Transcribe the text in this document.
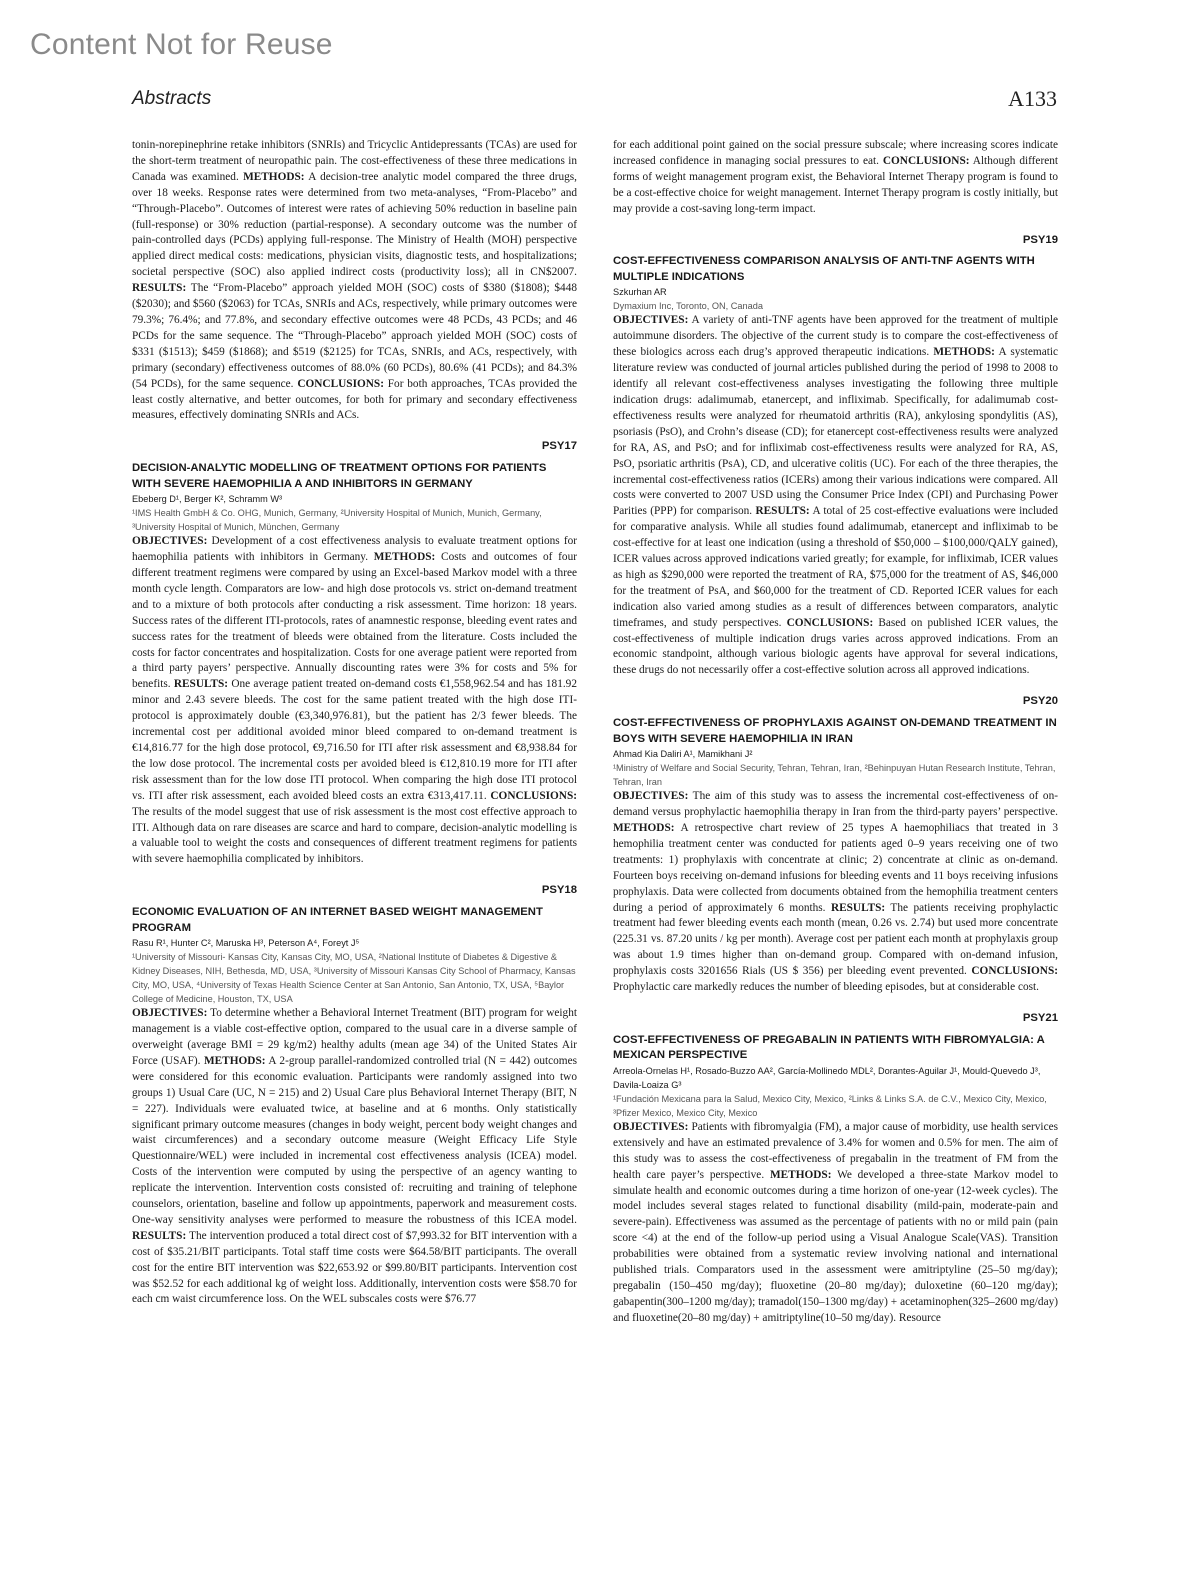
Content Not for Reuse
Abstracts	A133

tonin-norepinephrine retake inhibitors (SNRIs) and Tricyclic Antidepressants (TCAs) are used for the short-term treatment of neuropathic pain. The cost-effectiveness of these three medications in Canada was examined. METHODS: A decision-tree analytic model compared the three drugs, over 18 weeks. Response rates were determined from two meta-analyses, “From-Placebo” and “Through-Placebo”. Outcomes of interest were rates of achieving 50% reduction in baseline pain (full-response) or 30% reduction (partial-response). A secondary outcome was the number of pain-controlled days (PCDs) applying full-response. The Ministry of Health (MOH) perspective applied direct medical costs: medications, physician visits, diagnostic tests, and hospitalizations; societal perspective (SOC) also applied indirect costs (productivity loss); all in CN$2007. RESULTS: The “From-Placebo” approach yielded MOH (SOC) costs of $380 ($1808); $448 ($2030); and $560 ($2063) for TCAs, SNRIs and ACs, respectively, while primary outcomes were 79.3%; 76.4%; and 77.8%, and secondary effective outcomes were 48 PCDs, 43 PCDs; and 46 PCDs for the same sequence. The “Through-Placebo” approach yielded MOH (SOC) costs of $331 ($1513); $459 ($1868); and $519 ($2125) for TCAs, SNRIs, and ACs, respectively, with primary (secondary) effectiveness outcomes of 88.0% (60 PCDs), 80.6% (41 PCDs); and 84.3% (54 PCDs), for the same sequence. CONCLUSIONS: For both approaches, TCAs provided the least costly alternative, and better outcomes, for both for primary and secondary effectiveness measures, effectively dominating SNRIs and ACs.

PSY17

DECISION-ANALYTIC MODELLING OF TREATMENT OPTIONS FOR PATIENTS WITH SEVERE HAEMOPHILIA A AND INHIBITORS IN GERMANY

Ebeberg D¹, Berger K², Schramm W³

¹IMS Health GmbH & Co. OHG, Munich, Germany, ²University Hospital of Munich, Munich, Germany, ³University Hospital of Munich, München, Germany

OBJECTIVES: Development of a cost effectiveness analysis to evaluate treatment options for haemophilia patients with inhibitors in Germany. METHODS: Costs and outcomes of four different treatment regimens were compared by using an Excel-based Markov model with a three month cycle length. Comparators are low- and high dose protocols vs. strict on-demand treatment and to a mixture of both protocols after conducting a risk assessment. Time horizon: 18 years. Success rates of the different ITI-protocols, rates of anamnestic response, bleeding event rates and success rates for the treatment of bleeds were obtained from the literature. Costs included the costs for factor concentrates and hospitalization. Costs for one average patient were reported from a third party payers’ perspective. Annually discounting rates were 3% for costs and 5% for benefits. RESULTS: One average patient treated on-demand costs €1,558,962.54 and has 181.92 minor and 2.43 severe bleeds. The cost for the same patient treated with the high dose ITI-protocol is approximately double (€3,340,976.81), but the patient has 2/3 fewer bleeds. The incremental cost per additional avoided minor bleed compared to on-demand treatment is €14,816.77 for the high dose protocol, €9,716.50 for ITI after risk assessment and €8,938.84 for the low dose protocol. The incremental costs per avoided bleed is €12,810.19 more for ITI after risk assessment than for the low dose ITI protocol. When comparing the high dose ITI protocol vs. ITI after risk assessment, each avoided bleed costs an extra €313,417.11. CONCLUSIONS: The results of the model suggest that use of risk assessment is the most cost effective approach to ITI. Although data on rare diseases are scarce and hard to compare, decision-analytic modelling is a valuable tool to weight the costs and consequences of different treatment regimens for patients with severe haemophilia complicated by inhibitors.

PSY18

ECONOMIC EVALUATION OF AN INTERNET BASED WEIGHT MANAGEMENT PROGRAM

Rasu R¹, Hunter C², Maruska H³, Peterson A⁴, Foreyt J⁵

¹University of Missouri- Kansas City, Kansas City, MO, USA, ²National Institute of Diabetes & Digestive & Kidney Diseases, NIH, Bethesda, MD, USA, ³University of Missouri Kansas City School of Pharmacy, Kansas City, MO, USA, ⁴University of Texas Health Science Center at San Antonio, San Antonio, TX, USA, ⁵Baylor College of Medicine, Houston, TX, USA

OBJECTIVES: To determine whether a Behavioral Internet Treatment (BIT) program for weight management is a viable cost-effective option, compared to the usual care in a diverse sample of overweight (average BMI = 29 kg/m2) healthy adults (mean age 34) of the United States Air Force (USAF). METHODS: A 2-group parallel-randomized controlled trial (N = 442) outcomes were considered for this economic evaluation. Participants were randomly assigned into two groups 1) Usual Care (UC, N = 215) and 2) Usual Care plus Behavioral Internet Therapy (BIT, N = 227). Individuals were evaluated twice, at baseline and at 6 months. Only statistically significant primary outcome measures (changes in body weight, percent body weight changes and waist circumferences) and a secondary outcome measure (Weight Efficacy Life Style Questionnaire/WEL) were included in incremental cost effectiveness analysis (ICEA) model. Costs of the intervention were computed by using the perspective of an agency wanting to replicate the intervention. Intervention costs consisted of: recruiting and training of telephone counselors, orientation, baseline and follow up appointments, paperwork and measurement costs. One-way sensitivity analyses were performed to measure the robustness of this ICEA model. RESULTS: The intervention produced a total direct cost of $7,993.32 for BIT intervention with a cost of $35.21/BIT participants. Total staff time costs were $64.58/BIT participants. The overall cost for the entire BIT intervention was $22,653.92 or $99.80/BIT participants. Intervention cost was $52.52 for each additional kg of weight loss. Additionally, intervention costs were $58.70 for each cm waist circumference loss. On the WEL subscales costs were $76.77

for each additional point gained on the social pressure subscale; where increasing scores indicate increased confidence in managing social pressures to eat. CONCLUSIONS: Although different forms of weight management program exist, the Behavioral Internet Therapy program is found to be a cost-effective choice for weight management. Internet Therapy program is costly initially, but may provide a cost-saving long-term impact.

PSY19

COST-EFFECTIVENESS COMPARISON ANALYSIS OF ANTI-TNF AGENTS WITH MULTIPLE INDICATIONS

Szkurhan AR

Dymaxium Inc, Toronto, ON, Canada

OBJECTIVES: A variety of anti-TNF agents have been approved for the treatment of multiple autoimmune disorders. The objective of the current study is to compare the cost-effectiveness of these biologics across each drug’s approved therapeutic indications. METHODS: A systematic literature review was conducted of journal articles published during the period of 1998 to 2008 to identify all relevant cost-effectiveness analyses investigating the following three multiple indication drugs: adalimumab, etanercept, and infliximab. Specifically, for adalimumab cost-effectiveness results were analyzed for rheumatoid arthritis (RA), ankylosing spondylitis (AS), psoriasis (PsO), and Crohn’s disease (CD); for etanercept cost-effectiveness results were analyzed for RA, AS, and PsO; and for infliximab cost-effectiveness results were analyzed for RA, AS, PsO, psoriatic arthritis (PsA), CD, and ulcerative colitis (UC). For each of the three therapies, the incremental cost-effectiveness ratios (ICERs) among their various indications were compared. All costs were converted to 2007 USD using the Consumer Price Index (CPI) and Purchasing Power Parities (PPP) for comparison. RESULTS: A total of 25 cost-effective evaluations were included for comparative analysis. While all studies found adalimumab, etanercept and infliximab to be cost-effective for at least one indication (using a threshold of $50,000 – $100,000/QALY gained), ICER values across approved indications varied greatly; for example, for infliximab, ICER values as high as $290,000 were reported the treatment of RA, $75,000 for the treatment of AS, $46,000 for the treatment of PsA, and $60,000 for the treatment of CD. Reported ICER values for each indication also varied among studies as a result of differences between comparators, analytic timeframes, and study perspectives. CONCLUSIONS: Based on published ICER values, the cost-effectiveness of multiple indication drugs varies across approved indications. From an economic standpoint, although various biologic agents have approval for several indications, these drugs do not necessarily offer a cost-effective solution across all approved indications.

PSY20

COST-EFFECTIVENESS OF PROPHYLAXIS AGAINST ON-DEMAND TREATMENT IN BOYS WITH SEVERE HAEMOPHILIA IN IRAN

Ahmad Kia Daliri A¹, Mamikhani J²

¹Ministry of Welfare and Social Security, Tehran, Tehran, Iran, ²Behinpuyan Hutan Research Institute, Tehran, Tehran, Iran

OBJECTIVES: The aim of this study was to assess the incremental cost-effectiveness of on-demand versus prophylactic haemophilia therapy in Iran from the third-party payers’ perspective. METHODS: A retrospective chart review of 25 types A haemophiliacs that treated in 3 hemophilia treatment center was conducted for patients aged 0–9 years receiving one of two treatments: 1) prophylaxis with concentrate at clinic; 2) concentrate at clinic as on-demand. Fourteen boys receiving on-demand infusions for bleeding events and 11 boys receiving infusions prophylaxis. Data were collected from documents obtained from the hemophilia treatment centers during a period of approximately 6 months. RESULTS: The patients receiving prophylactic treatment had fewer bleeding events each month (mean, 0.26 vs. 2.74) but used more concentrate (225.31 vs. 87.20 units / kg per month). Average cost per patient each month at prophylaxis group was about 1.9 times higher than on-demand group. Compared with on-demand infusion, prophylaxis costs 3201656 Rials (US $ 356) per bleeding event prevented. CONCLUSIONS: Prophylactic care markedly reduces the number of bleeding episodes, but at considerable cost.

PSY21

COST-EFFECTIVENESS OF PREGABALIN IN PATIENTS WITH FIBROMYALGIA: A MEXICAN PERSPECTIVE

Arreola-Ornelas H¹, Rosado-Buzzo AA², García-Mollinedo MDL², Dorantes-Aguilar J¹, Mould-Quevedo J³, Davila-Loaiza G³

¹Fundación Mexicana para la Salud, Mexico City, Mexico, ²Links & Links S.A. de C.V., Mexico City, Mexico, ³Pfizer Mexico, Mexico City, Mexico

OBJECTIVES: Patients with fibromyalgia (FM), a major cause of morbidity, use health services extensively and have an estimated prevalence of 3.4% for women and 0.5% for men. The aim of this study was to assess the cost-effectiveness of pregabalin in the treatment of FM from the health care payer’s perspective. METHODS: We developed a three-state Markov model to simulate health and economic outcomes during a time horizon of one-year (12-week cycles). The model includes several stages related to functional disability (mild-pain, moderate-pain and severe-pain). Effectiveness was assumed as the percentage of patients with no or mild pain (pain score <4) at the end of the follow-up period using a Visual Analogue Scale(VAS). Transition probabilities were obtained from a systematic review involving national and international published trials. Comparators used in the assessment were amitriptyline (25–50 mg/day); pregabalin (150–450 mg/day); fluoxetine (20–80 mg/day); duloxetine (60–120 mg/day); gabapentin(300–1200 mg/day); tramadol(150–1300 mg/day) + acetaminophen(325–2600 mg/day) and fluoxetine(20–80 mg/day) + amitriptyline(10–50 mg/day). Resource
